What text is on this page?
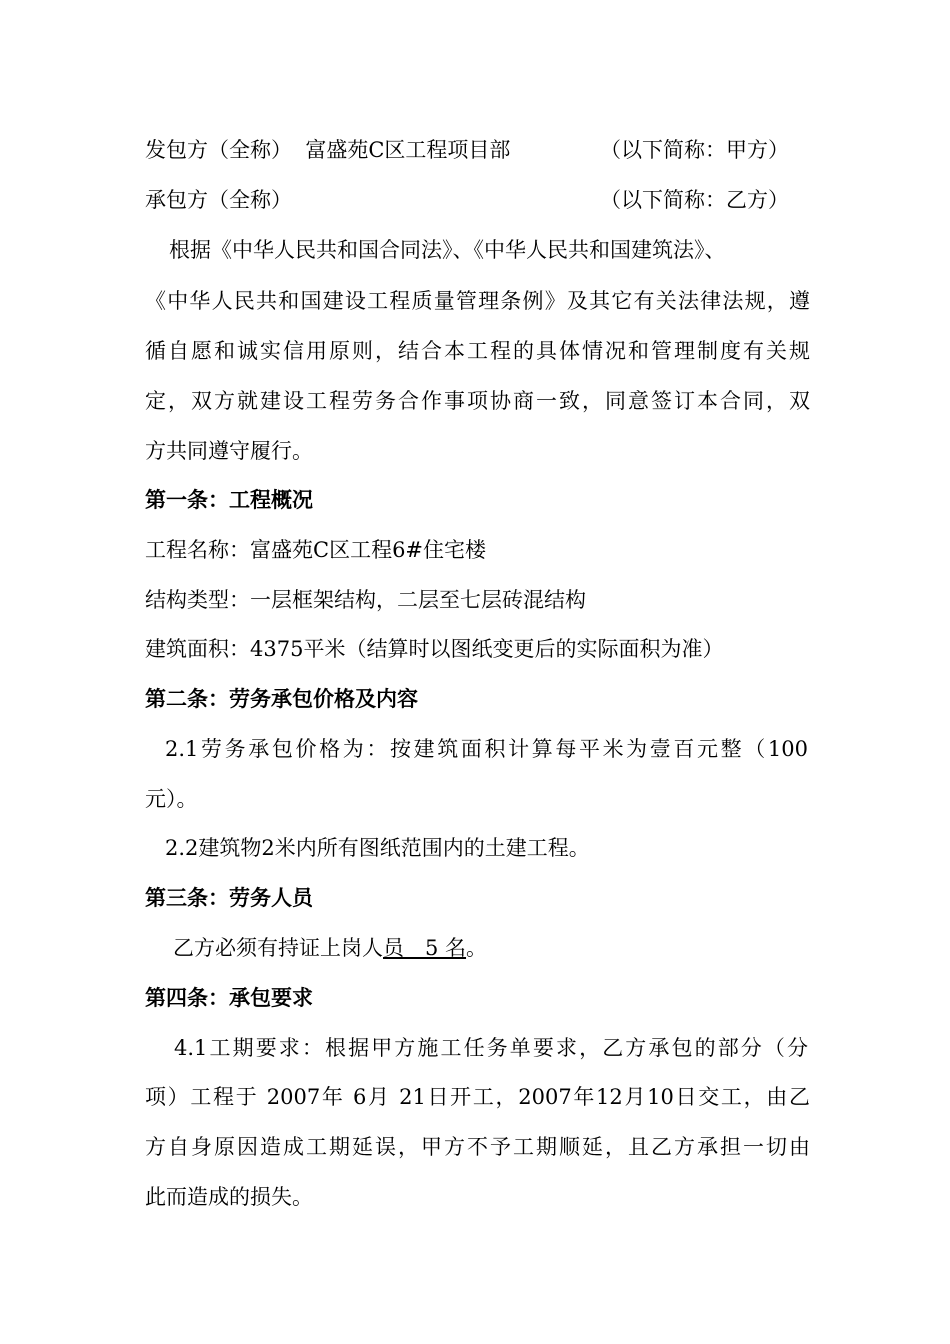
发包方（全称） 富盛苑C区工程项目部	（以下简称：甲方）
承包方（全称）	（以下简称：乙方）
根据《中华人民共和国合同法》、《中华人民共和国建筑法》、
《中华人民共和国建设工程质量管理条例》及其它有关法律法规，遵
循自愿和诚实信用原则，结合本工程的具体情况和管理制度有关规
定，双方就建设工程劳务合作事项协商一致，同意签订本合同，双
方共同遵守履行。
第一条：工程概况
工程名称：富盛苑C区工程6#住宅楼
结构类型：一层框架结构，二层至七层砖混结构
建筑面积：4375平米（结算时以图纸变更后的实际面积为准）
第二条：劳务承包价格及内容
2.1劳务承包价格为：按建筑面积计算每平米为壹百元整（100
元）。
2.2建筑物2米内所有图纸范围内的土建工程。
第三条：劳务人员
乙方必须有持证上岗人员　5 名。
第四条：承包要求
4.1工期要求：根据甲方施工任务单要求，乙方承包的部分（分
项）工程于 2007年 6月 21日开工，2007年12月10日交工，由乙
方自身原因造成工期延误，甲方不予工期顺延，且乙方承担一切由
此而造成的损失。
